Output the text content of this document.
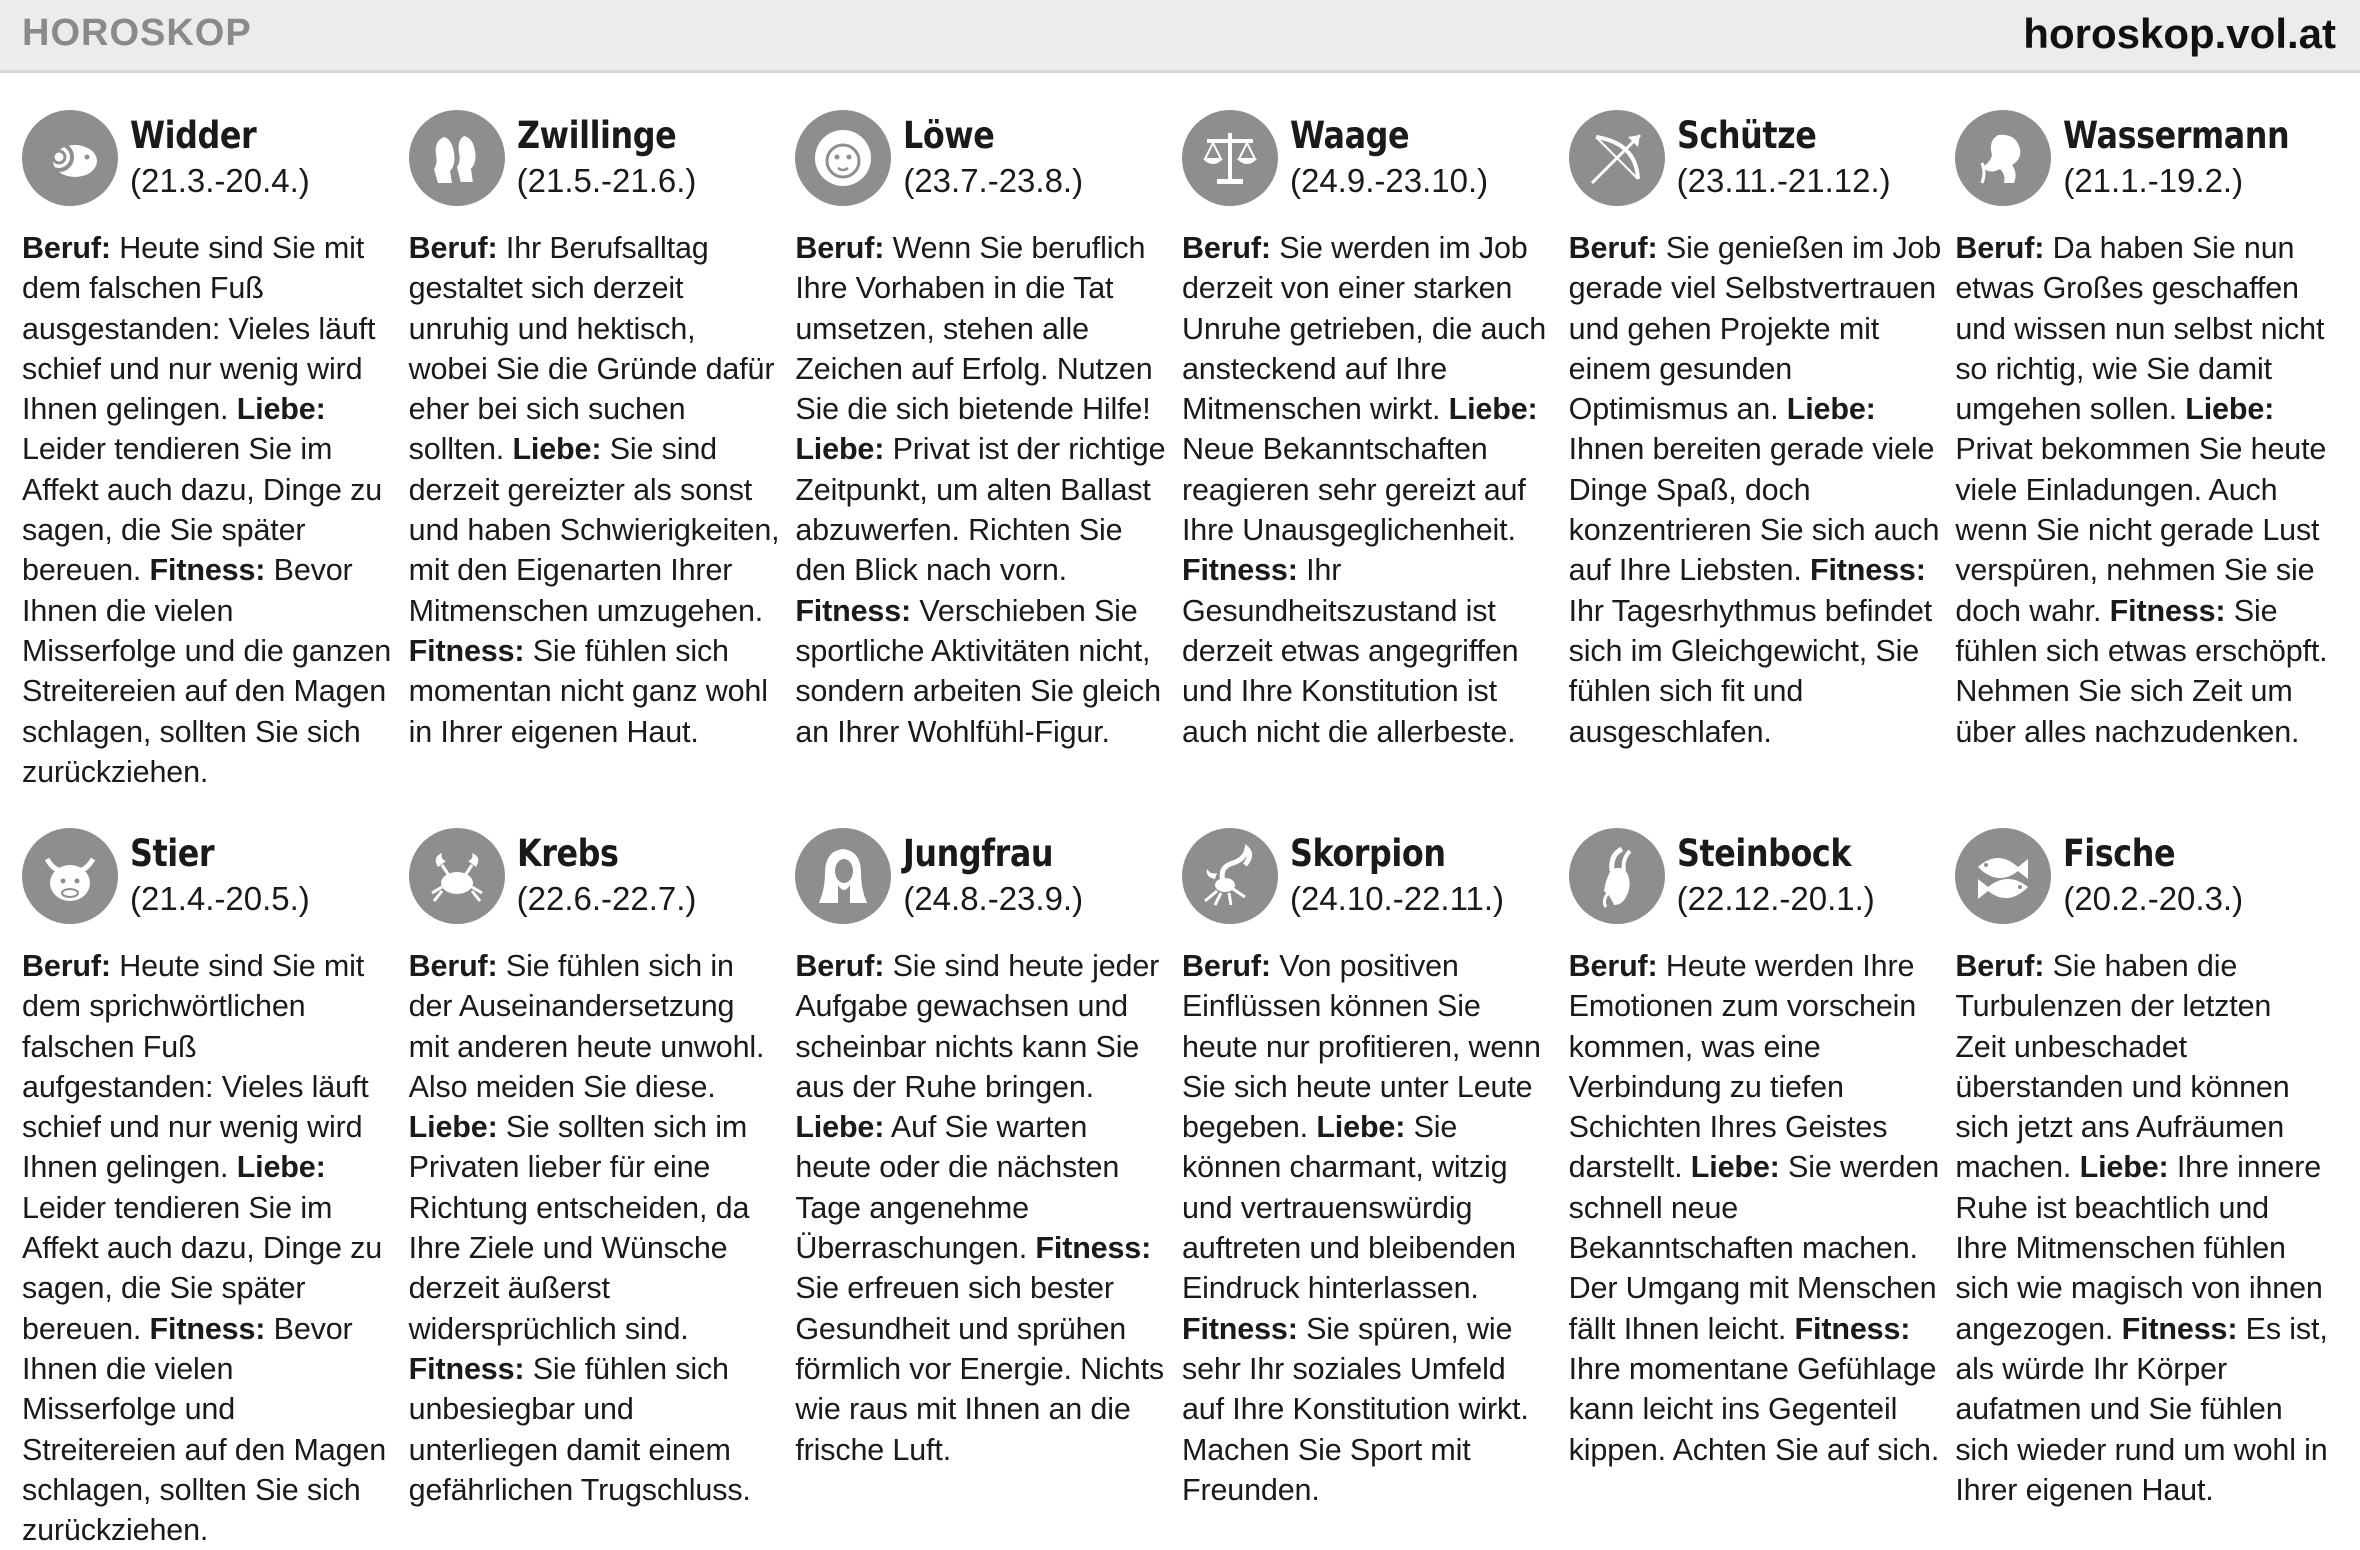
HOROSKOP	horoskop.vol.at
Widder
(21.3.-20.4.)
Beruf: Heute sind Sie mit dem falschen Fuß ausgestanden: Vieles läuft schief und nur wenig wird Ihnen gelingen. Liebe: Leider tendieren Sie im Affekt auch dazu, Dinge zu sagen, die Sie später bereuen. Fitness: Bevor Ihnen die vielen Misserfolge und die ganzen Streitereien auf den Magen schlagen, sollten Sie sich zurückziehen.
Zwillinge
(21.5.-21.6.)
Beruf: Ihr Berufsalltag gestaltet sich derzeit unruhig und hektisch, wobei Sie die Gründe dafür eher bei sich suchen sollten. Liebe: Sie sind derzeit gereizter als sonst und haben Schwierigkeiten, mit den Eigenarten Ihrer Mitmenschen umzugehen. Fitness: Sie fühlen sich momentan nicht ganz wohl in Ihrer eigenen Haut.
Löwe
(23.7.-23.8.)
Beruf: Wenn Sie beruflich Ihre Vorhaben in die Tat umsetzen, stehen alle Zeichen auf Erfolg. Nutzen Sie die sich bietende Hilfe! Liebe: Privat ist der richtige Zeitpunkt, um alten Ballast abzuwerfen. Richten Sie den Blick nach vorn. Fitness: Verschieben Sie sportliche Aktivitäten nicht, sondern arbeiten Sie gleich an Ihrer Wohlfühl-Figur.
Waage
(24.9.-23.10.)
Beruf: Sie werden im Job derzeit von einer starken Unruhe getrieben, die auch ansteckend auf Ihre Mitmenschen wirkt. Liebe: Neue Bekanntschaften reagieren sehr gereizt auf Ihre Unausgeglichenheit. Fitness: Ihr Gesundheitszustand ist derzeit etwas angegriffen und Ihre Konstitution ist auch nicht die allerbeste.
Schütze
(23.11.-21.12.)
Beruf: Sie genießen im Job gerade viel Selbstvertrauen und gehen Projekte mit einem gesunden Optimismus an. Liebe: Ihnen bereiten gerade viele Dinge Spaß, doch konzentrieren Sie sich auch auf Ihre Liebsten. Fitness: Ihr Tagesrhythmus befindet sich im Gleichgewicht, Sie fühlen sich fit und ausgeschlafen.
Wassermann
(21.1.-19.2.)
Beruf: Da haben Sie nun etwas Großes geschaffen und wissen nun selbst nicht so richtig, wie Sie damit umgehen sollen. Liebe: Privat bekommen Sie heute viele Einladungen. Auch wenn Sie nicht gerade Lust verspüren, nehmen Sie sie doch wahr. Fitness: Sie fühlen sich etwas erschöpft. Nehmen Sie sich Zeit um über alles nachzudenken.
Stier
(21.4.-20.5.)
Beruf: Heute sind Sie mit dem sprichwörtlichen falschen Fuß aufgestanden: Vieles läuft schief und nur wenig wird Ihnen gelingen. Liebe: Leider tendieren Sie im Affekt auch dazu, Dinge zu sagen, die Sie später bereuen. Fitness: Bevor Ihnen die vielen Misserfolge und Streitereien auf den Magen schlagen, sollten Sie sich zurückziehen.
Krebs
(22.6.-22.7.)
Beruf: Sie fühlen sich in der Auseinandersetzung mit anderen heute unwohl. Also meiden Sie diese. Liebe: Sie sollten sich im Privaten lieber für eine Richtung entscheiden, da Ihre Ziele und Wünsche derzeit äußerst widersprüchlich sind. Fitness: Sie fühlen sich unbesiegbar und unterliegen damit einem gefährlichen Trugschluss.
Jungfrau
(24.8.-23.9.)
Beruf: Sie sind heute jeder Aufgabe gewachsen und scheinbar nichts kann Sie aus der Ruhe bringen. Liebe: Auf Sie warten heute oder die nächsten Tage angenehme Überraschungen. Fitness: Sie erfreuen sich bester Gesundheit und sprühen förmlich vor Energie. Nichts wie raus mit Ihnen an die frische Luft.
Skorpion
(24.10.-22.11.)
Beruf: Von positiven Einflüssen können Sie heute nur profitieren, wenn Sie sich heute unter Leute begeben. Liebe: Sie können charmant, witzig und vertrauenswürdig auftreten und bleibenden Eindruck hinterlassen. Fitness: Sie spüren, wie sehr Ihr soziales Umfeld auf Ihre Konstitution wirkt. Machen Sie Sport mit Freunden.
Steinbock
(22.12.-20.1.)
Beruf: Heute werden Ihre Emotionen zum vorschein kommen, was eine Verbindung zu tiefen Schichten Ihres Geistes darstellt. Liebe: Sie werden schnell neue Bekanntschaften machen. Der Umgang mit Menschen fällt Ihnen leicht. Fitness: Ihre momentane Gefühlage kann leicht ins Gegenteil kippen. Achten Sie auf sich.
Fische
(20.2.-20.3.)
Beruf: Sie haben die Turbulenzen der letzten Zeit unbeschadet überstanden und können sich jetzt ans Aufräumen machen. Liebe: Ihre innere Ruhe ist beachtlich und Ihre Mitmenschen fühlen sich wie magisch von ihnen angezogen. Fitness: Es ist, als würde Ihr Körper aufatmen und Sie fühlen sich wieder rund um wohl in Ihrer eigenen Haut.
